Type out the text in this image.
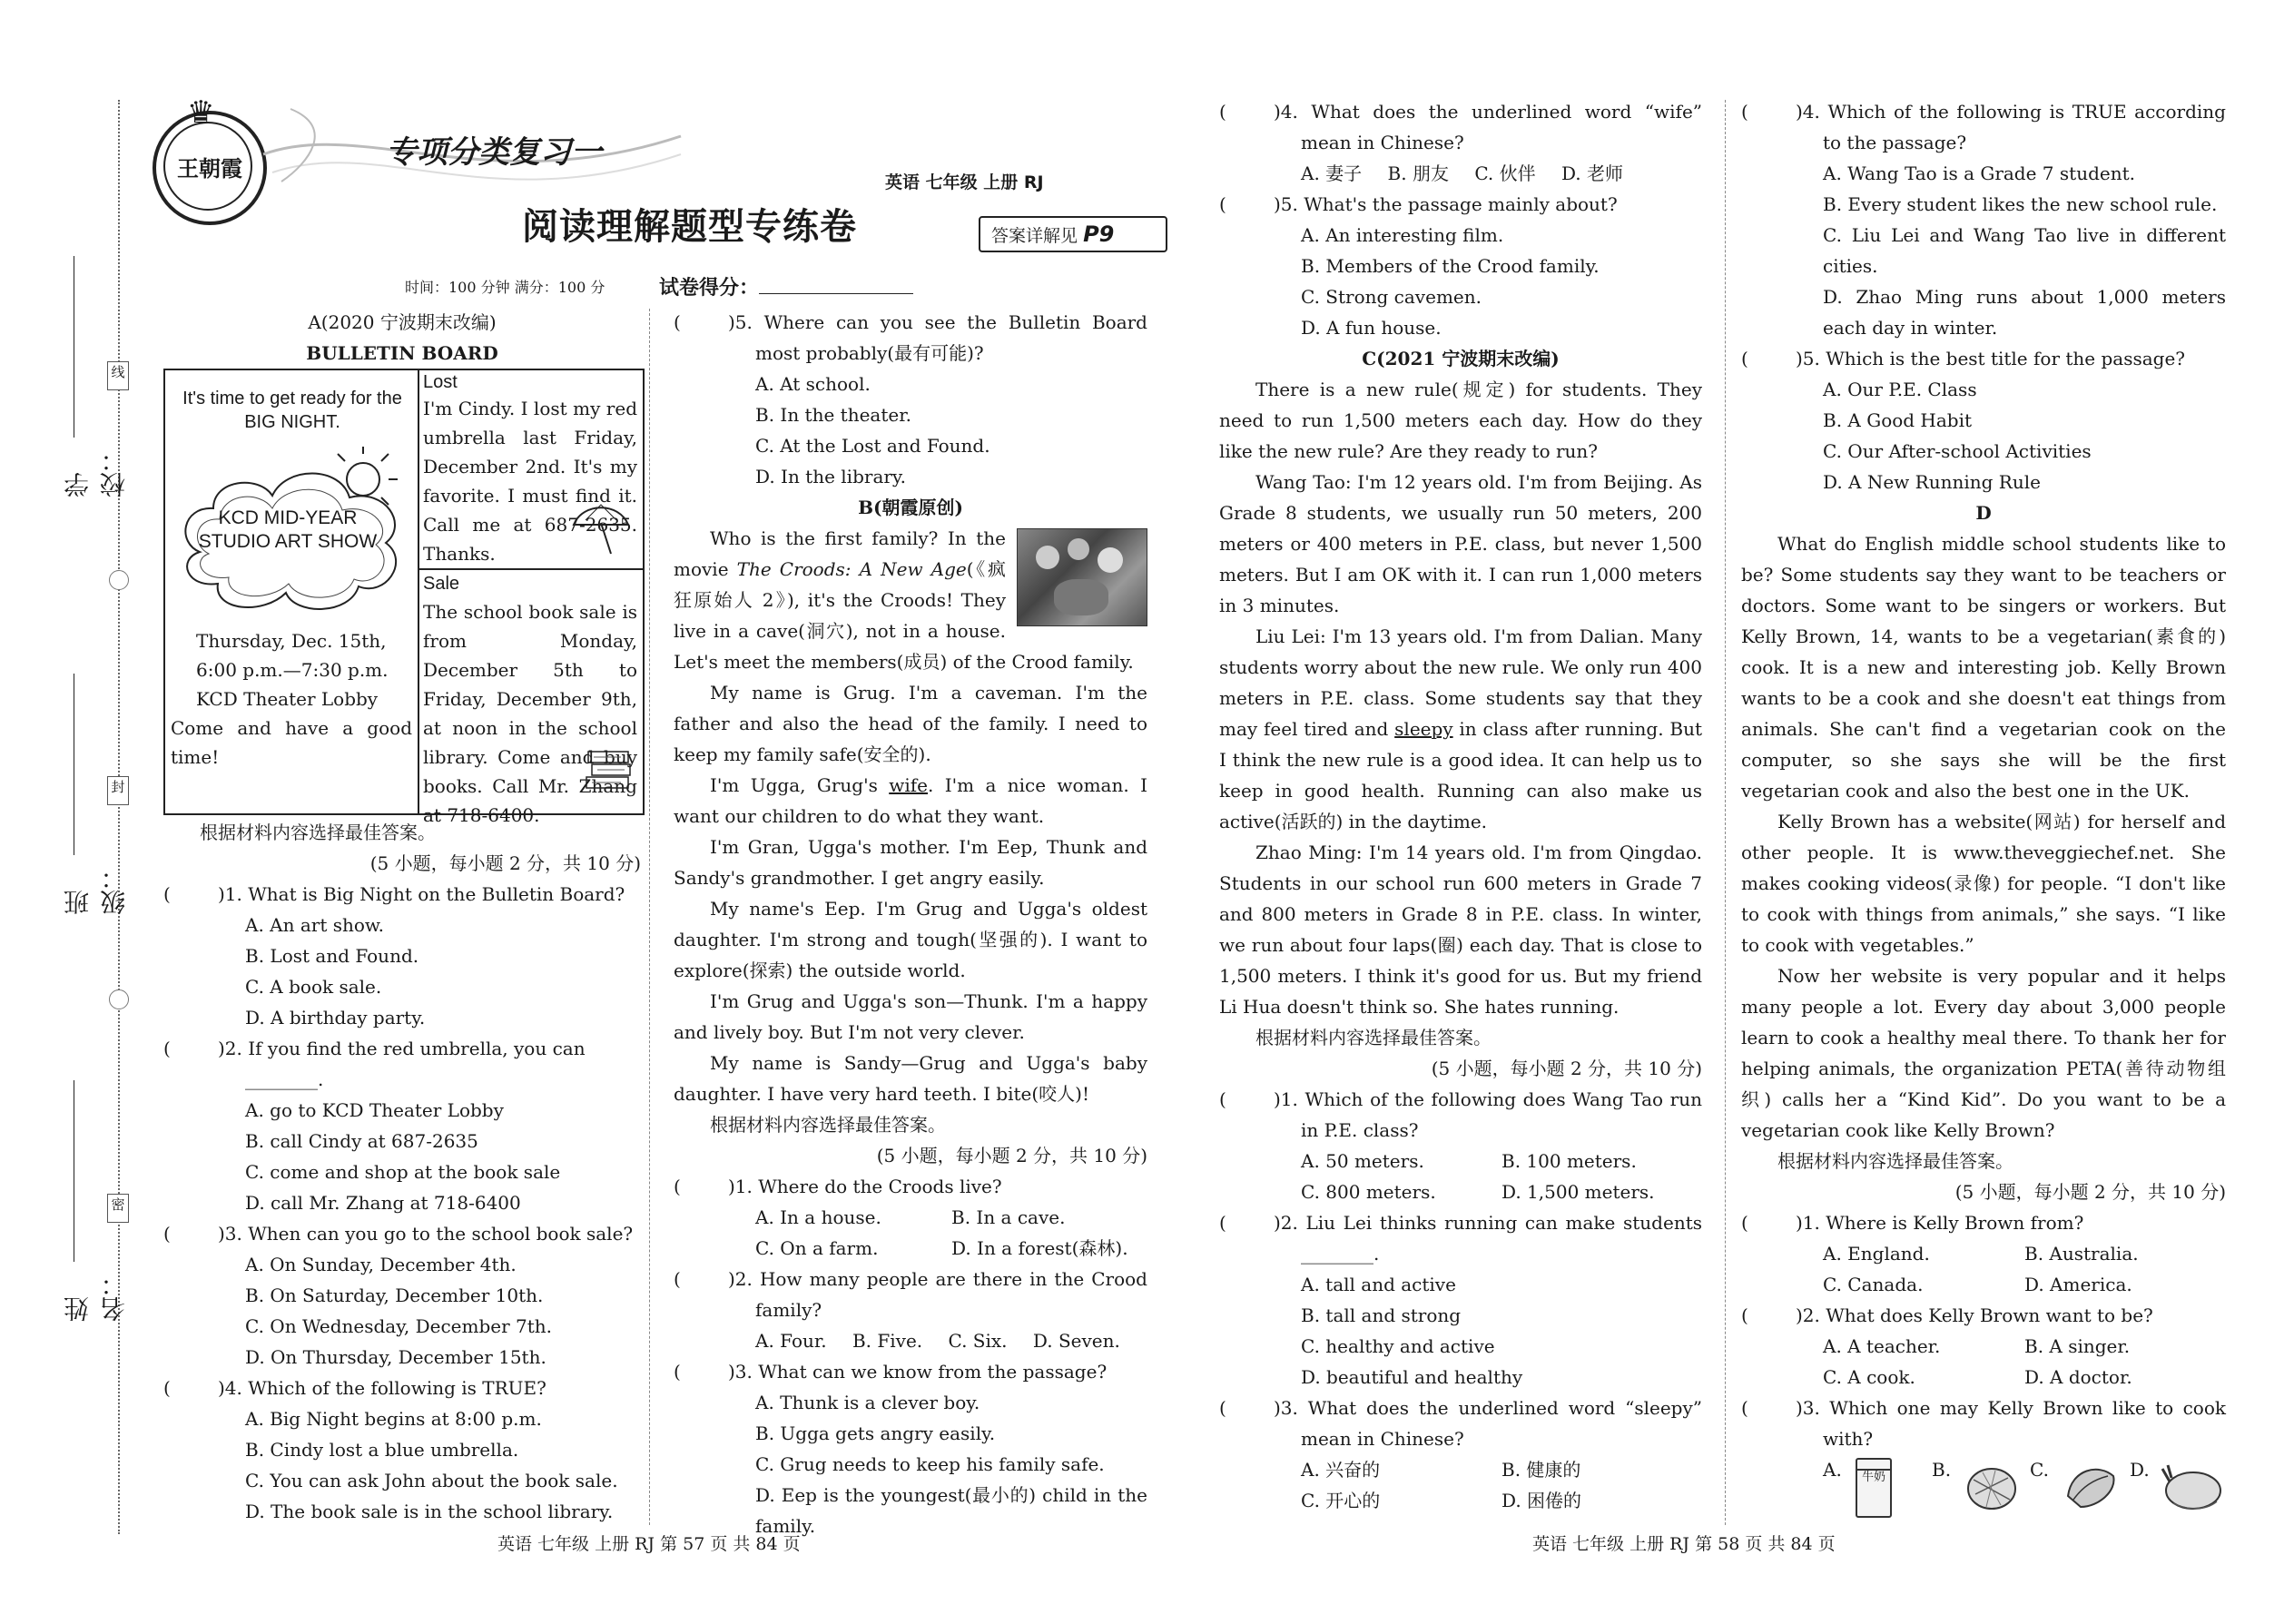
线
封
密
学校：
班级：
姓名：
王朝霞
♛
专项分类复习一
阅读理解题型专练卷
英语 七年级 上册 RJ
答案详解见 P9
时间：100 分钟 满分：100 分	试卷得分：

A(2020 宁波期末改编)

BULLETIN BOARD

It's time to get ready for the BIG NIGHT.
KCD MID-YEAR STUDIO ART SHOW
Thursday, Dec. 15th,
6:00 p.m.—7:30 p.m.
KCD Theater Lobby
Come and have a good time!
Lost
I'm Cindy. I lost my red umbrella last Friday, December 2nd. It's my favorite. I must find it. Call me at 687-2635. Thanks.
Sale
The school book sale is from Monday, December 5th to Friday, December 9th, at noon in the school library. Come and buy books. Call Mr. Zhang at 718-6400.

根据材料内容选择最佳答案。

(5 小题，每小题 2 分，共 10 分)

(	)1. What is Big Night on the Bulletin Board?
A. An art show.
B. Lost and Found.
C. A book sale.
D. A birthday party.
(	)2. If you find the red umbrella, you can ________.
A. go to KCD Theater Lobby
B. call Cindy at 687-2635
C. come and shop at the book sale
D. call Mr. Zhang at 718-6400
(	)3. When can you go to the school book sale?
A. On Sunday, December 4th.
B. On Saturday, December 10th.
C. On Wednesday, December 7th.
D. On Thursday, December 15th.
(	)4. Which of the following is TRUE?
A. Big Night begins at 8:00 p.m.
B. Cindy lost a blue umbrella.
C. You can ask John about the book sale.
D. The book sale is in the school library.
(	)5. Where can you see the Bulletin Board most probably(最有可能)?
A. At school.
B. In the theater.
C. At the Lost and Found.
D. In the library.

B(朝霞原创)

Who is the first family? In the movie The Croods: A New Age(《疯狂原始人 2》), it's the Croods! They live in a cave(洞穴), not in a house. Let's meet the members(成员) of the Crood family.

My name is Grug. I'm a caveman. I'm the father and also the head of the family. I need to keep my family safe(安全的).

I'm Ugga, Grug's wife. I'm a nice woman. I want our children to do what they want.

I'm Gran, Ugga's mother. I'm Eep, Thunk and Sandy's grandmother. I get angry easily.

My name's Eep. I'm Grug and Ugga's oldest daughter. I'm strong and tough(坚强的). I want to explore(探索) the outside world.

I'm Grug and Ugga's son—Thunk. I'm a happy and lively boy. But I'm not very clever.

My name is Sandy—Grug and Ugga's baby daughter. I have very hard teeth. I bite(咬人)!

根据材料内容选择最佳答案。

(5 小题，每小题 2 分，共 10 分)

(	)1. Where do the Croods live?
A. In a house.	B. In a cave.
C. On a farm.	D. In a forest(森林).
(	)2. How many people are there in the Crood family?
A. Four. B. Five. C. Six. D. Seven.
(	)3. What can we know from the passage?
A. Thunk is a clever boy.
B. Ugga gets angry easily.
C. Grug needs to keep his family safe.
D. Eep is the youngest(最小的) child in the family.
(	)4. What does the underlined word “wife” mean in Chinese?
A. 妻子 B. 朋友 C. 伙伴 D. 老师
(	)5. What's the passage mainly about?
A. An interesting film.
B. Members of the Crood family.
C. Strong cavemen.
D. A fun house.

C(2021 宁波期末改编)

There is a new rule(规定) for students. They need to run 1,500 meters each day. How do they like the new rule? Are they ready to run?

Wang Tao: I'm 12 years old. I'm from Beijing. As Grade 8 students, we usually run 50 meters, 200 meters or 400 meters in P.E. class, but never 1,500 meters. But I am OK with it. I can run 1,000 meters in 3 minutes.

Liu Lei: I'm 13 years old. I'm from Dalian. Many students worry about the new rule. We only run 400 meters in P.E. class. Some students say that they may feel tired and sleepy in class after running. But I think the new rule is a good idea. It can help us to keep in good health. Running can also make us active(活跃的) in the daytime.

Zhao Ming: I'm 14 years old. I'm from Qingdao. Students in our school run 600 meters in Grade 7 and 800 meters in Grade 8 in P.E. class. In winter, we run about four laps(圈) each day. That is close to 1,500 meters. I think it's good for us. But my friend Li Hua doesn't think so. She hates running.

根据材料内容选择最佳答案。

(5 小题，每小题 2 分，共 10 分)

(	)1. Which of the following does Wang Tao run in P.E. class?
A. 50 meters.	B. 100 meters.
C. 800 meters.	D. 1,500 meters.
(	)2. Liu Lei thinks running can make students ________.
A. tall and active
B. tall and strong
C. healthy and active
D. beautiful and healthy
(	)3. What does the underlined word “sleepy” mean in Chinese?
A. 兴奋的	B. 健康的
C. 开心的	D. 困倦的
(	)4. Which of the following is TRUE according to the passage?
A. Wang Tao is a Grade 7 student.
B. Every student likes the new school rule.
C. Liu Lei and Wang Tao live in different cities.
D. Zhao Ming runs about 1,000 meters each day in winter.
(	)5. Which is the best title for the passage?
A. Our P.E. Class
B. A Good Habit
C. Our After-school Activities
D. A New Running Rule

D

What do English middle school students like to be? Some students say they want to be teachers or doctors. Some want to be singers or workers. But Kelly Brown, 14, wants to be a vegetarian(素食的) cook. It is a new and interesting job. Kelly Brown wants to be a cook and she doesn't eat things from animals. She can't find a vegetarian cook on the computer, so she says she will be the first vegetarian cook and also the best one in the UK.

Kelly Brown has a website(网站) for herself and other people. It is www.theveggiechef.net. She makes cooking videos(录像) for people. “I don't like to cook with things from animals,” she says. “I like to cook with vegetables.”

Now her website is very popular and it helps many people a lot. Every day about 3,000 people learn to cook a healthy meal there. To thank her for helping animals, the organization PETA(善待动物组织) calls her a “Kind Kid”. Do you want to be a vegetarian cook like Kelly Brown?

根据材料内容选择最佳答案。

(5 小题，每小题 2 分，共 10 分)

(	)1. Where is Kelly Brown from?
A. England.	B. Australia.
C. Canada.	D. America.
(	)2. What does Kelly Brown want to be?
A. A teacher.	B. A singer.
C. A cook.	D. A doctor.
(	)3. Which one may Kelly Brown like to cook with?
A.	牛奶	B.	C.	D.
英语 七年级 上册 RJ 第 57 页 共 84 页	英语 七年级 上册 RJ 第 58 页 共 84 页
